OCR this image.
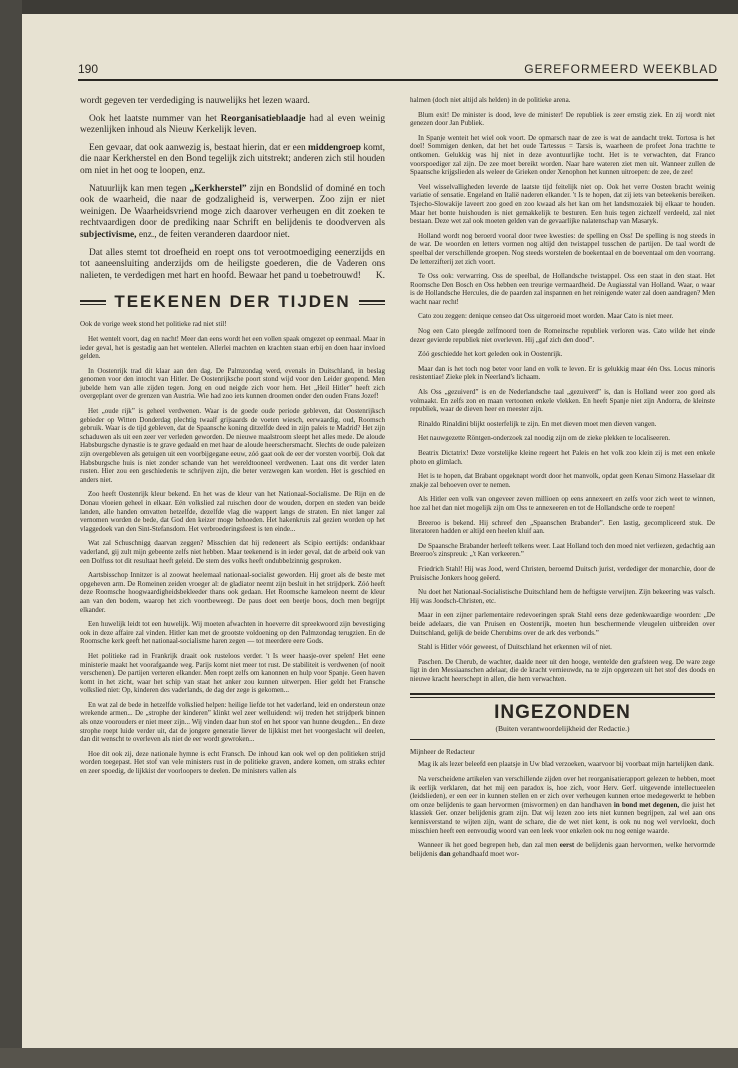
190	GEREFORMEERD WEEKBLAD

wordt gegeven ter verdediging is nauwelijks het lezen waard.

Ook het laatste nummer van het Reorganisatieblaadje had al even weinig wezenlijken inhoud als Nieuw Kerkelijk leven.

Een gevaar, dat ook aanwezig is, bestaat hierin, dat er een middengroep komt, die naar Kerkherstel en den Bond tegelijk zich uitstrekt; anderen zich stil houden om niet in het oog te loopen, enz.

Natuurlijk kan men tegen „Kerkherstel” zijn en Bondslid of dominé en toch ook de waarheid, die naar de godzaligheid is, verwerpen. Zoo zijn er niet weinigen. De Waarheidsvriend moge zich daarover verheugen en dit zoeken te rechtvaardigen door de prediking naar Schrift en belijdenis te doodverven als subjectivisme, enz., de feiten veranderen daardoor niet.

Dat alles stemt tot droefheid en roept ons tot verootmoediging eenerzijds en tot aaneensluiting anderzijds om de heiligste goederen, die de Vaderen ons nalieten, te verdedigen met hart en hoofd. Bewaar het pand u toebetrouwd!	K.

TEEKENEN DER TIJDEN

Ook de vorige week stond het politieke rad niet stil!

Het wentelt voort, dag en nacht! Meer dan eens wordt het een vollen spaak omgezet op eenmaal. Maar in ieder geval, het is gestadig aan het wentelen. Allerlei machten en krachten staan erbij en doen haar invloed gelden.

In Oostenrijk trad dit klaar aan den dag. De Palmzondag werd, evenals in Duitschland, in beslag genomen voor den intocht van Hitler. De Oostenrijksche poort stond wijd voor den Leider geopend. Men jubelde hem van alle zijden tegen. Jong en oud neigde zich voor hem. Het „Heil Hitler” heeft zich overgeplant over de grenzen van Austria. Wie had zoo iets kunnen droomen onder den ouden Frans Jozef!

Het „oude rijk” is geheel verdwenen. Waar is de goede oude periode gebleven, dat Oostenrijksch gebieder op Witten Donderdag plechtig twaalf grijsaards de voeten wiesch, eerwaardig, oud, Roomsch gebruik. Waar is de tijd gebleven, dat de Spaansche koning ditzelfde deed in zijn paleis te Madrid? Het zijn schaduwen als uit een zeer ver verleden geworden. De nieuwe maalstroom sleept het alles mede. De aloude Habsburgsche dynastie is te grave gedaald en met haar de aloude heerschersmacht. Slechts de oude paleizen zijn overgebleven als getuigen uit een voorbijgegane eeuw, zóó gaat ook de eer der vorsten voorbij. Ook dat Habsburgsche huis is niet zonder schande van het wereldtooneel verdwenen. Laat ons dit verder laten rusten. Hier zou een geschiedenis te schrijven zijn, die beter verzwegen kan worden. Het is geschied en anders niet.

Zoo heeft Oostenrijk kleur bekend. En het was de kleur van het Nationaal-Socialisme. De Rijn en de Donau vloeien geheel in elkaar. Eén volkslied zal ruischen door de wouden, dorpen en steden van beide landen, alle handen omvatten hetzelfde, dezelfde vlag die wappert langs de straten. En niet langer zal vernomen worden de bede, dat God den keizer moge behoeden. Het hakenkruis zal gezien worden op het vlaggedoek van den Sint-Stefansdom. Het verbroederingsfeest is ten einde...

Wat zal Schuschnigg daarvan zeggen? Misschien dat hij redeneert als Scipio eertijds: ondankbaar vaderland, gij zult mijn gebeente zelfs niet hebben. Maar teekenend is in ieder geval, dat de arbeid ook van een Dolfuss tot dit resultaat heeft geleid. De stem des volks heeft ondubbelzinnig gesproken.

Aartsbisschop Innitzer is al zoowat heelemaal nationaal-socialist geworden. Hij groet als de beste met opgeheven arm. De Romeinen zeiden vroeger al: de gladiator neemt zijn besluit in het strijdperk. Zóó heeft deze Roomsche hoogwaardigheidsbekleeder thans ook gedaan. Het Roomsche kameleon neemt de kleur aan van den bodem, waarop het zich voortbeweegt. De paus doet een beetje boos, doch men begrijpt elkander.

Een huwelijk leidt tot een huwelijk. Wij moeten afwachten in hoeverre dit spreekwoord zijn bevestiging ook in deze affaire zal vinden. Hitler kan met de grootste voldoening op den Palmzondag terugzien. En de Roomsche kerk geeft het nationaal-socialisme haren zegen — tot meerdere eere Gods.

Het politieke rad in Frankrijk draait ook rusteloos verder. 't Is weer haasje-over spelen! Het eene ministerie maakt het voorafgaande weg. Parijs komt niet meer tot rust. De stabiliteit is verdwenen (of nooit verschenen). De partijen verteren elkander. Men roept zelfs om kanonnen en hulp voor Spanje. Geen haven komt in het zicht, waar het schip van staat het anker zou kunnen uitwerpen. Hier geldt het Fransche volkslied niet: Op, kinderen des vaderlands, de dag der zege is gekomen...

En wat zal de bede in hetzelfde volkslied helpen: heilige liefde tot het vaderland, leid en ondersteun onze wrekende armen... De „strophe der kinderen” klinkt wel zeer welluidend: wij treden het strijdperk binnen als onze voorouders er niet meer zijn... Wij vinden daar hun stof en het spoor van hunne deugden... En deze strophe roept luide verder uit, dat de jongere generatie liever de lijkkist met het voorgeslacht wil deelen, dan dit wenscht te overleven als niet de eer wordt gewroken...

Hoe dit ook zij, deze nationale hymne is echt Fransch. De inhoud kan ook wel op den politieken strijd worden toegepast. Het stof van vele ministers rust in de politieke graven, andere komen, om straks echter en zeer spoedig, de lijkkist der voorloopers te deelen. De ministers vallen als

halmen (doch niet altijd als helden) in de politieke arena.

Blum exit! De minister is dood, leve de minister! De republiek is zeer ernstig ziek. En zij wordt niet genezen door Jan Publiek.

In Spanje wenteit het wiel ook voort. De opmarsch naar de zee is wat de aandacht trekt. Tortosa is het doel! Sommigen denken, dat het het oude Tartessus = Tarsis is, waarheen de profeet Jona trachtte te ontkomen. Gelukkig was hij niet in deze avontuurlijke tocht. Het is te verwachten, dat Franco voorspoediger zal zijn. De zee moet bereikt worden. Naar hare wateren ziet men uit. Wanneer zullen de Spaansche krijgslieden als weleer de Grieken onder Xenophon het kunnen uitroepen: de zee, de zee!

Veel wisselvalligheden leverde de laatste tijd feitelijk niet op. Ook het verre Oosten bracht weinig variatie of sensatie. Engeland en Italië naderen elkander. 't Is te hopen, dat zij iets van beteekenis bereiken. Tsjecho-Slowakije laveert zoo goed en zoo kwaad als het kan om het landsmozaiek bij elkaar te houden. Maar het bonte huishouden is niet gemakkelijk te besturen. Een huis tegen zichzelf verdeeld, zal niet bestaan. Deze wet zal ook moeten gelden van de gevaarlijke nalatenschap van Masaryk.

Holland wordt nog beroerd vooral door twee kwesties: de spelling en Oss! De spelling is nog steeds in de war. De woorden en letters vormen nog altijd den twistappel tusschen de partijen. De taal wordt de speelbal der verschillende groepen. Nog steeds worstelen de boekentaal en de boeventaal om den voorrang. De letterzifterij zet zich voort.

Te Oss ook: verwarring. Oss de speelbal, de Hollandsche twistappel. Oss een staat in den staat. Het Roomsche Den Bosch en Oss hebben een treurige vermaardheid. De Augiasstal van Holland. Waar, o waar is de Hollandsche Hercules, die de paarden zal inspannen en het reinigende water zal doen aandragen? Men wacht naar recht!

Cato zou zeggen: denique censeo dat Oss uitgeroeid moet worden. Maar Cato is niet meer.

Nog een Cato pleegde zelfmoord toen de Romeinsche republiek verloren was. Cato wilde het einde dezer gevierde republiek niet overleven. Hij „gaf zich den dood”.

Zóó geschiedde het kort geleden ook in Oostenrijk.

Maar dan is het toch nog beter voor land en volk te leven. Er is gelukkig maar één Oss. Locus minoris resistentiae! Zieke plek in Neerland's lichaam.

Als Oss „gezuiverd” is en de Nederlandsche taal „gezuiverd” is, dan is Holland weer zoo goed als volmaakt. En zelfs zon en maan vertoonen enkele vlekken. En heeft Spanje niet zijn Andorra, de kleinste republiek, waar de dieven heer en meester zijn.

Rinaldo Rinaldini blijkt oosterfelijk te zijn. En met dieven moet men dieven vangen.

Het nauwgezette Röntgen-onderzoek zal noodig zijn om de zieke plekken te localiseeren.

Beatrix Dictatrix! Deze vorstelijke kleine regeert het Paleis en het volk zoo klein zij is met een enkele photo en glimlach.

Het is te hopen, dat Brabant opgeknapt wordt door het manvolk, opdat geen Kenau Simonz Hasselaar dit znakje zal behoeven over te nemen.

Als Hitler een volk van ongeveer zeven millioen op eens annexeert en zelfs voor zich weet te winnen, hoe zal het dan niet mogelijk zijn om Oss te annexeeren en tot de Hollandsche orde te roepen!

Breeroo is bekend. Hij schreef den „Spaanschen Brabander”. Een lastig, gecompliceerd stuk. De literatoren hadden er altijd een heelen kluif aan.

De Spaansche Brabander herleeft telkens weer. Laat Holland toch den moed niet verliezen, gedachtig aan Breeroo's zinspreuk: „'t Kan verkeeren.”

Friedrich Stahl! Hij was Jood, werd Christen, beroemd Duitsch jurist, verdediger der monarchie, door de Pruisische Jonkers hoog geëerd.

Nu doet het Nationaal-Socialistische Duitschland hem de heftigste verwijten. Zijn bekeering was valsch. Hij was Joodsch-Christen, etc.

Maar in een zijner parlementaire redevoeringen sprak Stahl eens deze gedenkwaardige woorden: „De beide adelaars, die van Pruisen en Oostenrijk, moeten hun beschermende vleugelen uitbreiden over Duitschland, gelijk de beide Cherubims over de ark des verbonds.”

Stahl is Hitler vóór geweest, of Duitschland het erkennen wil of niet.

Paschen. De Cherub, de wachter, daalde neer uit den hooge, wentelde den grafsteen weg. De ware zege ligt in den Messiaanschen adelaar, die de kracht vernieuwde, na te zijn opgerezen uit het stof des doods en nieuwe kracht heerschept in allen, die hem verwachten.

INGEZONDEN
(Buiten verantwoordelijkheid der Redactie.)
Mijnheer de Redacteur

Mag ik als lezer beleefd een plaatsje in Uw blad verzoeken, waarvoor bij voorbaat mijn hartelijken dank.

Na verscheidene artikelen van verschillende zijden over het reorganisatierapport gelezen te hebben, moet ik eerlijk verklaren, dat het mij een paradox is, hoe zich, voor Herv. Gerf. uitgevende intellectueelen (leidslieden), er een eer in kunnen stellen en er zich over verheugen kunnen ertoe medegewerkt te hebben om onze belijdenis te gaan hervormen (misvormen) en dan handhaven in bond met degenen, die juist het klassiek Ger. onzer belijdenis gram zijn. Dat wij lezen zoo iets niet kunnen begrijpen, zal wel aan ons kennisverstand te wijten zijn, want de schare, die de wet niet kent, is ook nu nog wel vervloekt, doch misschien heeft een eenvoudig woord van een leek voor enkelen ook nu nog eenige waarde.

Wanneer ik het goed begrepen heb, dan zal men eerst de belijdenis gaan hervormen, welke hervormde belijdenis dan gehandhaafd moet wor-
